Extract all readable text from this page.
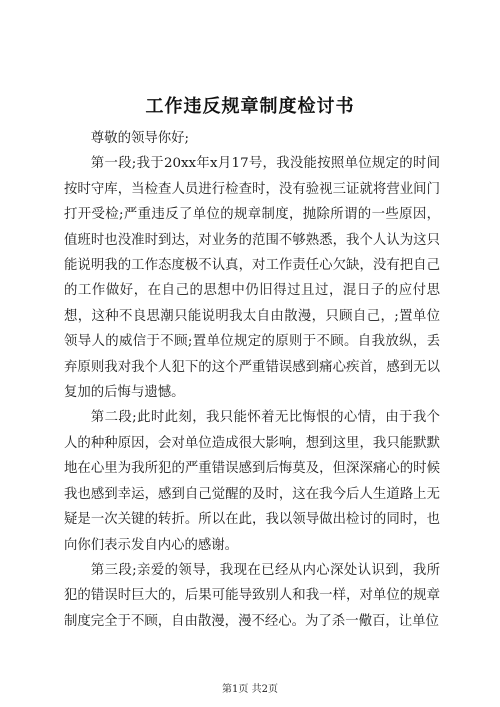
工作违反规章制度检讨书

尊敬的领导你好;

第一段;我于20xx年x月17号，我没能按照单位规定的时间按时守库，当检查人员进行检查时，没有验视三证就将营业间门打开受检;严重违反了单位的规章制度，抛除所谓的一些原因，值班时也没准时到达，对业务的范围不够熟悉，我个人认为这只能说明我的工作态度极不认真，对工作责任心欠缺，没有把自己的工作做好，在自己的思想中仍旧得过且过，混日子的应付思想，这种不良思潮只能说明我太自由散漫，只顾自己，;置单位领导人的威信于不顾;置单位规定的原则于不顾。自我放纵，丢弃原则我对我个人犯下的这个严重错误感到痛心疾首，感到无以复加的后悔与遗憾。

第二段;此时此刻，我只能怀着无比悔恨的心情，由于我个人的种种原因，会对单位造成很大影响，想到这里，我只能默默地在心里为我所犯的严重错误感到后悔莫及，但深深痛心的时候我也感到幸运，感到自己觉醒的及时，这在我今后人生道路上无疑是一次关键的转折。所以在此，我以领导做出检讨的同时，也向你们表示发自内心的感谢。

第三段;亲爱的领导，我现在已经从内心深处认识到，我所犯的错误时巨大的，后果可能导致别人和我一样，对单位的规章制度完全于不顾，自由散漫，漫不经心。为了杀一儆百，让单位

第1页 共2页
